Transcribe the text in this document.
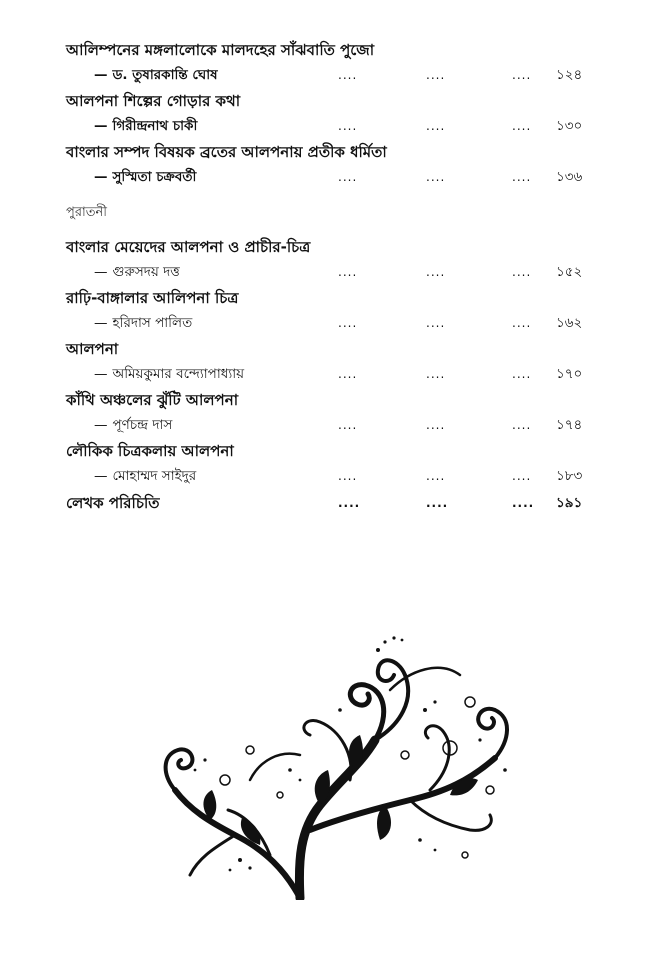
আলিম্পনের মঙ্গলালোকে মালদহের সাঁঝবাতি পুজো
— ড. তুষারকান্তি ঘোষ	....	....	.... ১২৪
আলপনা শিল্পের গোড়ার কথা
— গিরীন্দ্রনাথ চাকী	....	....	.... ১৩০
বাংলার সম্পদ বিষয়ক ব্রতের আলপনায় প্রতীক ধর্মিতা
— সুস্মিতা চক্রবর্তী	....	....	.... ১৩৬
পুরাতনী
বাংলার মেয়েদের আলপনা ও প্রাচীর-চিত্র
— গুরুসদয় দত্ত	....	....	.... ১৫২
রাঢ়ি-বাঙ্গালার আলিপনা চিত্র
— হরিদাস পালিত	....	....	.... ১৬২
আলপনা
— অমিয়কুমার বন্দ্যোপাধ্যায়	....	....	.... ১৭০
কাঁথি অঞ্চলের ঝুঁটি আলপনা
— পূর্ণচন্দ্র দাস	....	....	.... ১৭৪
লৌকিক চিত্রকলায় আলপনা
— মোহাম্মদ সাইদুর	....	....	.... ১৮৩
লেখক পরিচিতি	....	....	.... ১৯১
